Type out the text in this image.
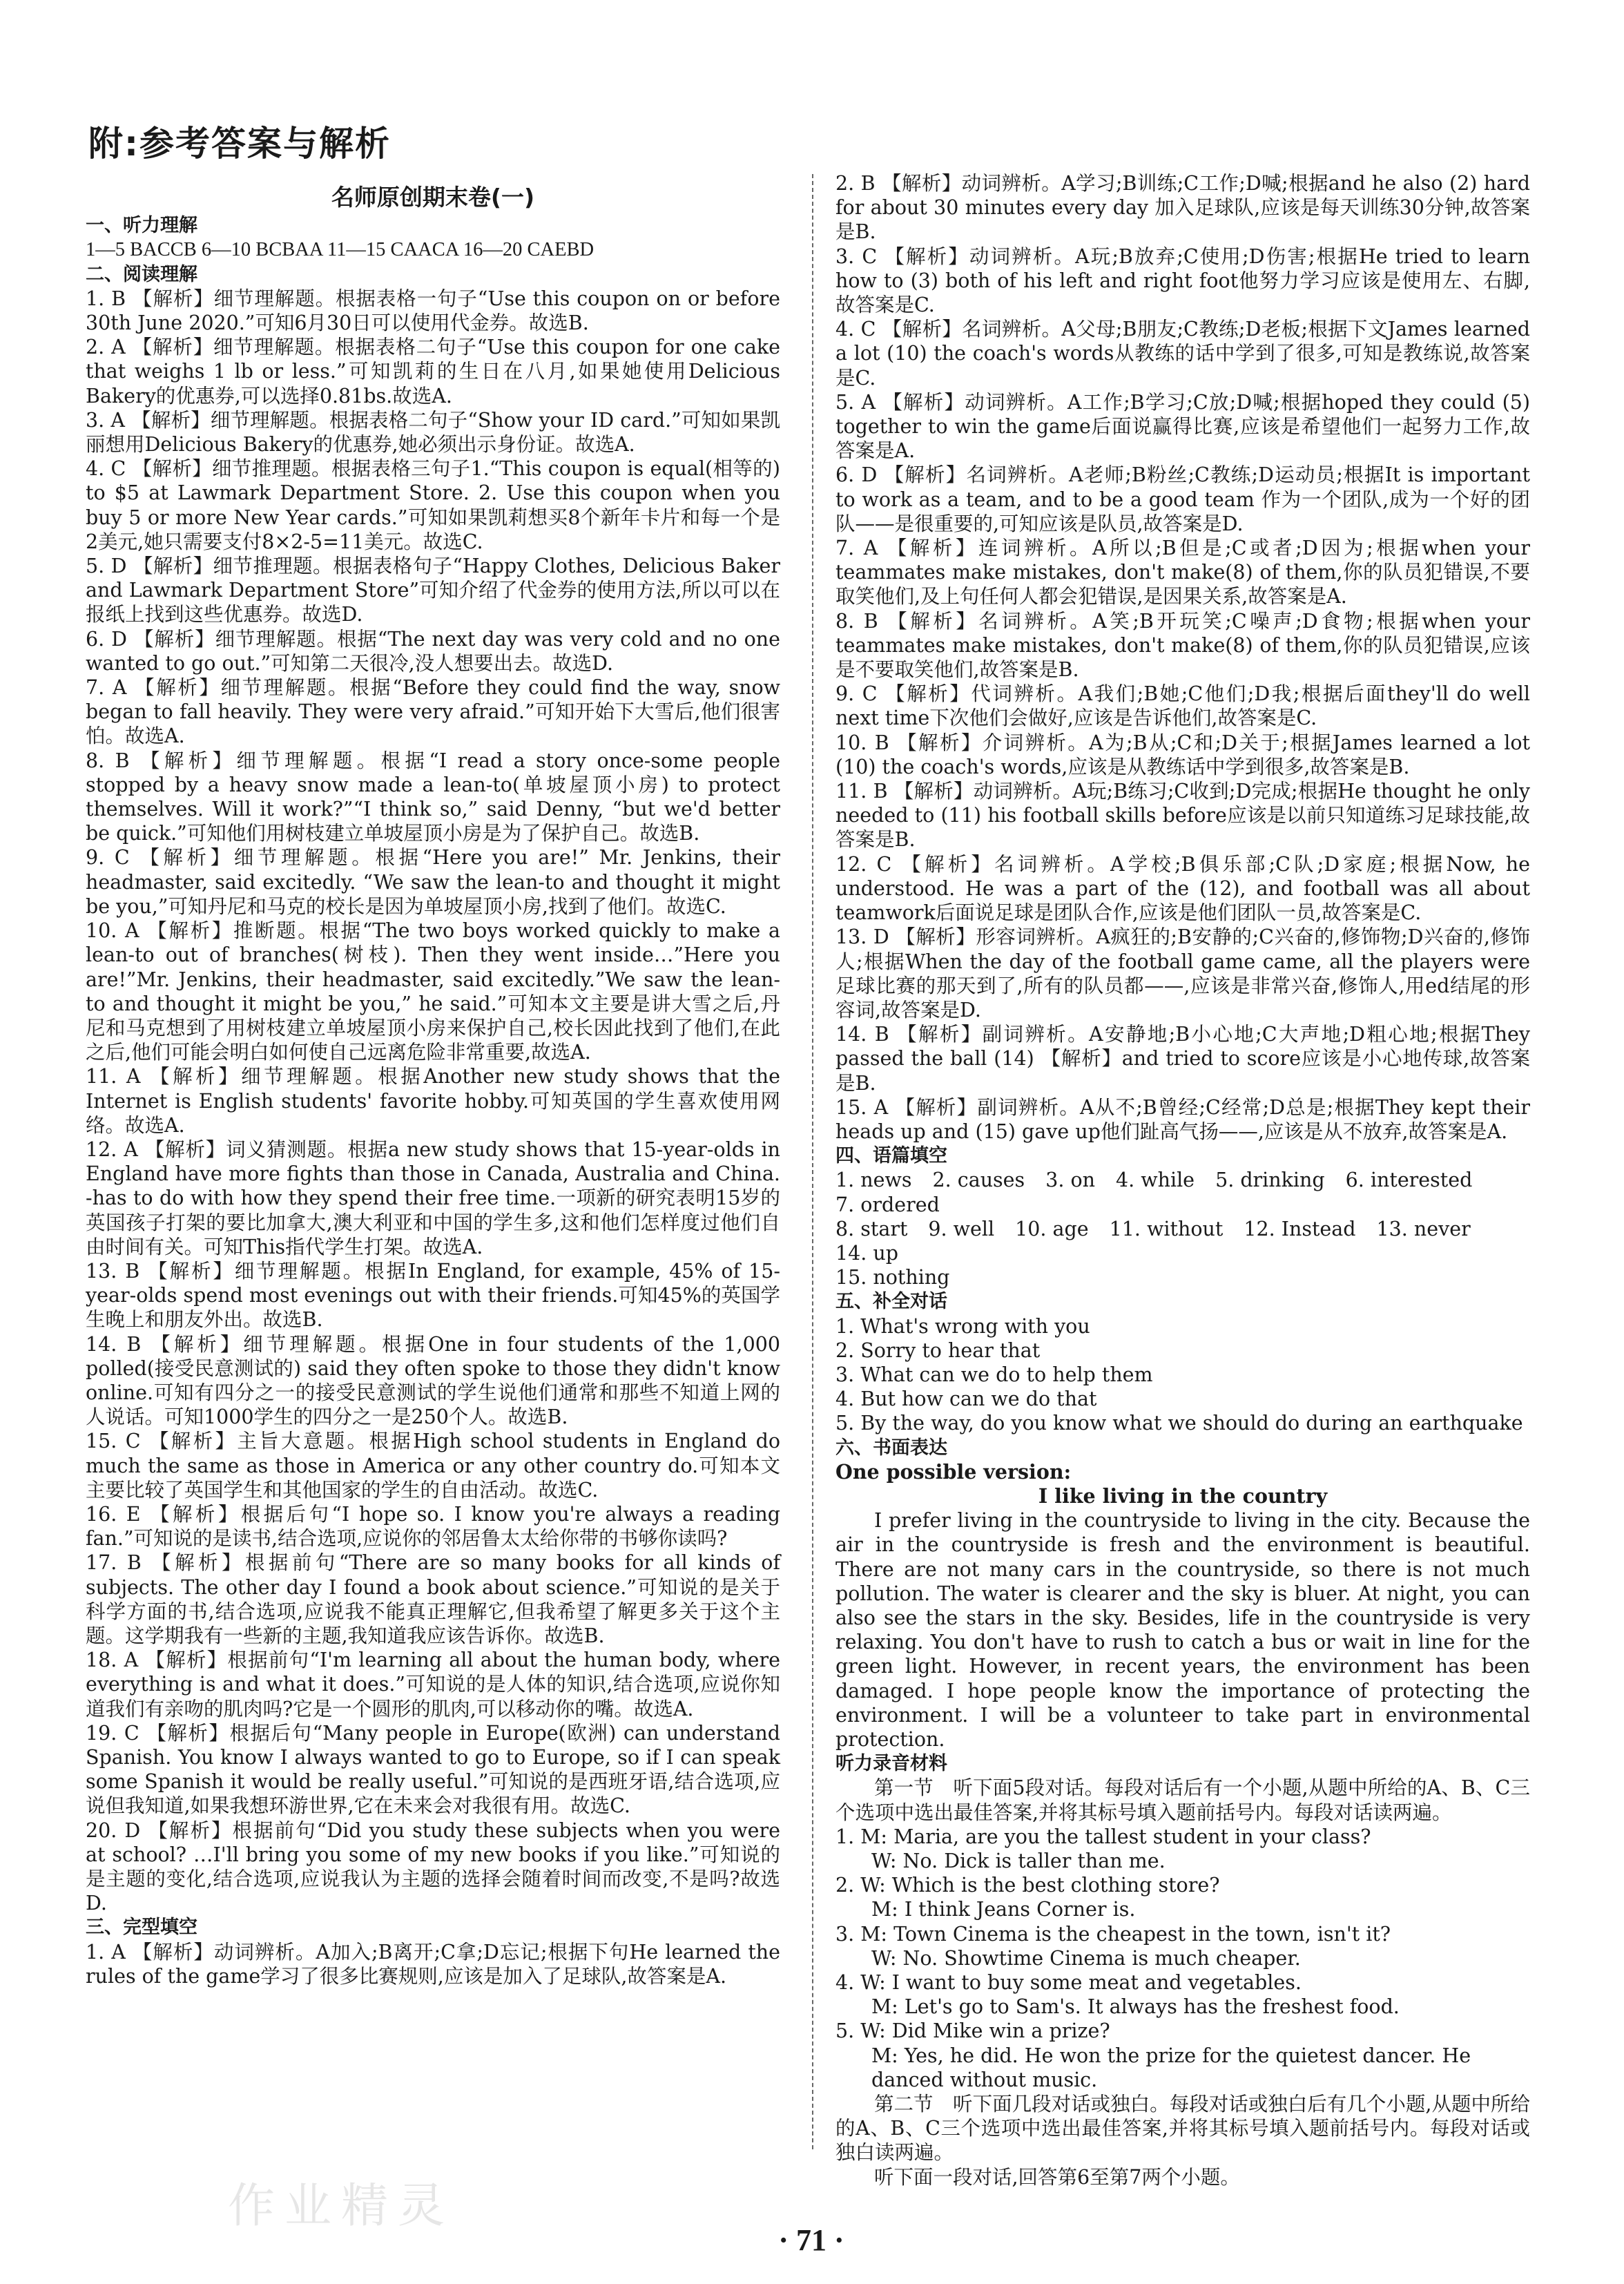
附:参考答案与解析
名师原创期末卷(一)
一、听力理解

1—5 BACCB 6—10 BCBAA 11—15 CAACA 16—20 CAEBD

二、阅读理解

1. B 【解析】细节理解题。根据表格一句子“Use this coupon on or before 30th June 2020.”可知6月30日可以使用代金券。故选B.

2. A 【解析】细节理解题。根据表格二句子“Use this coupon for one cake that weighs 1 lb or less.”可知凯莉的生日在八月,如果她使用Delicious Bakery的优惠券,可以选择0.81bs.故选A.

3. A 【解析】细节理解题。根据表格二句子“Show your ID card.”可知如果凯丽想用Delicious Bakery的优惠券,她必须出示身份证。故选A.

4. C 【解析】细节推理题。根据表格三句子1.“This coupon is equal(相等的) to $5 at Lawmark Department Store. 2. Use this coupon when you buy 5 or more New Year cards.”可知如果凯莉想买8个新年卡片和每一个是2美元,她只需要支付8×2-5=11美元。故选C.

5. D 【解析】细节推理题。根据表格句子“Happy Clothes, Delicious Baker and Lawmark Department Store”可知介绍了代金券的使用方法,所以可以在报纸上找到这些优惠券。故选D.

6. D 【解析】细节理解题。根据“The next day was very cold and no one wanted to go out.”可知第二天很冷,没人想要出去。故选D.

7. A 【解析】细节理解题。根据“Before they could find the way, snow began to fall heavily. They were very afraid.”可知开始下大雪后,他们很害怕。故选A.

8. B 【解析】细节理解题。根据“I read a story once-some people stopped by a heavy snow made a lean-to(单坡屋顶小房) to protect themselves. Will it work?”“I think so,” said Denny, “but we'd better be quick.”可知他们用树枝建立单坡屋顶小房是为了保护自己。故选B.

9. C 【解析】细节理解题。根据“Here you are!” Mr. Jenkins, their headmaster, said excitedly. “We saw the lean-to and thought it might be you,”可知丹尼和马克的校长是因为单坡屋顶小房,找到了他们。故选C.

10. A 【解析】推断题。根据“The two boys worked quickly to make a lean-to out of branches(树枝). Then they went inside…”Here you are!”Mr. Jenkins, their headmaster, said excitedly.”We saw the lean-to and thought it might be you,” he said.”可知本文主要是讲大雪之后,丹尼和马克想到了用树枝建立单坡屋顶小房来保护自己,校长因此找到了他们,在此之后,他们可能会明白如何使自己远离危险非常重要,故选A.

11. A 【解析】细节理解题。根据Another new study shows that the Internet is English students' favorite hobby.可知英国的学生喜欢使用网络。故选A.

12. A 【解析】词义猜测题。根据a new study shows that 15-year-olds in England have more fights than those in Canada, Australia and China. -has to do with how they spend their free time.一项新的研究表明15岁的英国孩子打架的要比加拿大,澳大利亚和中国的学生多,这和他们怎样度过他们自由时间有关。可知This指代学生打架。故选A.

13. B 【解析】细节理解题。根据In England, for example, 45% of 15-year-olds spend most evenings out with their friends.可知45%的英国学生晚上和朋友外出。故选B.

14. B 【解析】细节理解题。根据One in four students of the 1,000 polled(接受民意测试的) said they often spoke to those they didn't know online.可知有四分之一的接受民意测试的学生说他们通常和那些不知道上网的人说话。可知1000学生的四分之一是250个人。故选B.

15. C 【解析】主旨大意题。根据High school students in England do much the same as those in America or any other country do.可知本文主要比较了英国学生和其他国家的学生的自由活动。故选C.

16. E 【解析】根据后句“I hope so. I know you're always a reading fan.”可知说的是读书,结合选项,应说你的邻居鲁太太给你带的书够你读吗?

17. B 【解析】根据前句“There are so many books for all kinds of subjects. The other day I found a book about science.”可知说的是关于科学方面的书,结合选项,应说我不能真正理解它,但我希望了解更多关于这个主题。这学期我有一些新的主题,我知道我应该告诉你。故选B.

18. A 【解析】根据前句“I'm learning all about the human body, where everything is and what it does.”可知说的是人体的知识,结合选项,应说你知道我们有亲吻的肌肉吗?它是一个圆形的肌肉,可以移动你的嘴。故选A.

19. C 【解析】根据后句“Many people in Europe(欧洲) can understand Spanish. You know I always wanted to go to Europe, so if I can speak some Spanish it would be really useful.”可知说的是西班牙语,结合选项,应说但我知道,如果我想环游世界,它在未来会对我很有用。故选C.

20. D 【解析】根据前句“Did you study these subjects when you were at school? …I'll bring you some of my new books if you like.”可知说的是主题的变化,结合选项,应说我认为主题的选择会随着时间而改变,不是吗?故选D.

三、完型填空

1. A 【解析】动词辨析。A加入;B离开;C拿;D忘记;根据下句He learned the rules of the game学习了很多比赛规则,应该是加入了足球队,故答案是A.

2. B 【解析】动词辨析。A学习;B训练;C工作;D喊;根据and he also (2) hard for about 30 minutes every day 加入足球队,应该是每天训练30分钟,故答案是B.

3. C 【解析】动词辨析。A玩;B放弃;C使用;D伤害;根据He tried to learn how to (3) both of his left and right foot他努力学习应该是使用左、右脚,故答案是C.

4. C 【解析】名词辨析。A父母;B朋友;C教练;D老板;根据下文James learned a lot (10) the coach's words从教练的话中学到了很多,可知是教练说,故答案是C.

5. A 【解析】动词辨析。A工作;B学习;C放;D喊;根据hoped they could (5) together to win the game后面说赢得比赛,应该是希望他们一起努力工作,故答案是A.

6. D 【解析】名词辨析。A老师;B粉丝;C教练;D运动员;根据It is important to work as a team, and to be a good team 作为一个团队,成为一个好的团队——是很重要的,可知应该是队员,故答案是D.

7. A 【解析】连词辨析。A所以;B但是;C或者;D因为;根据when your teammates make mistakes, don't make(8) of them,你的队员犯错误,不要取笑他们,及上句任何人都会犯错误,是因果关系,故答案是A.

8. B 【解析】名词辨析。A笑;B开玩笑;C噪声;D食物;根据when your teammates make mistakes, don't make(8) of them,你的队员犯错误,应该是不要取笑他们,故答案是B.

9. C 【解析】代词辨析。A我们;B她;C他们;D我;根据后面they'll do well next time下次他们会做好,应该是告诉他们,故答案是C.

10. B 【解析】介词辨析。A为;B从;C和;D关于;根据James learned a lot (10) the coach's words,应该是从教练话中学到很多,故答案是B.

11. B 【解析】动词辨析。A玩;B练习;C收到;D完成;根据He thought he only needed to (11) his football skills before应该是以前只知道练习足球技能,故答案是B.

12. C 【解析】名词辨析。A学校;B俱乐部;C队;D家庭;根据Now, he understood. He was a part of the (12), and football was all about teamwork后面说足球是团队合作,应该是他们团队一员,故答案是C.

13. D 【解析】形容词辨析。A疯狂的;B安静的;C兴奋的,修饰物;D兴奋的,修饰人;根据When the day of the football game came, all the players were足球比赛的那天到了,所有的队员都——,应该是非常兴奋,修饰人,用ed结尾的形容词,故答案是D.

14. B 【解析】副词辨析。A安静地;B小心地;C大声地;D粗心地;根据They passed the ball (14) 【解析】and tried to score应该是小心地传球,故答案是B.

15. A 【解析】副词辨析。A从不;B曾经;C经常;D总是;根据They kept their heads up and (15) gave up他们趾高气扬——,应该是从不放弃,故答案是A.

四、语篇填空
1. news 2. causes 3. on 4. while 5. drinking 6. interested
7. ordered
8. start 9. well 10. age 11. without 12. Instead 13. never
14. up
15. nothing
五、补全对话

1. What's wrong with you

2. Sorry to hear that

3. What can we do to help them

4. But how can we do that

5. By the way, do you know what we should do during an earthquake

六、书面表达

One possible version:

I like living in the country

I prefer living in the countryside to living in the city. Because the air in the countryside is fresh and the environment is beautiful. There are not many cars in the countryside, so there is not much pollution. The water is clearer and the sky is bluer. At night, you can also see the stars in the sky. Besides, life in the countryside is very relaxing. You don't have to rush to catch a bus or wait in line for the green light. However, in recent years, the environment has been damaged. I hope people know the importance of protecting the environment. I will be a volunteer to take part in environmental protection.

听力录音材料

第一节　听下面5段对话。每段对话后有一个小题,从题中所给的A、B、C三个选项中选出最佳答案,并将其标号填入题前括号内。每段对话读两遍。

1. M: Maria, are you the tallest student in your class?

W: No. Dick is taller than me.

2. W: Which is the best clothing store?

M: I think Jeans Corner is.

3. M: Town Cinema is the cheapest in the town, isn't it?

W: No. Showtime Cinema is much cheaper.

4. W: I want to buy some meat and vegetables.

M: Let's go to Sam's. It always has the freshest food.

5. W: Did Mike win a prize?

M: Yes, he did. He won the prize for the quietest dancer. He danced without music.

第二节　听下面几段对话或独白。每段对话或独白后有几个小题,从题中所给的A、B、C三个选项中选出最佳答案,并将其标号填入题前括号内。每段对话或独白读两遍。

听下面一段对话,回答第6至第7两个小题。

作业精灵
· 71 ·
